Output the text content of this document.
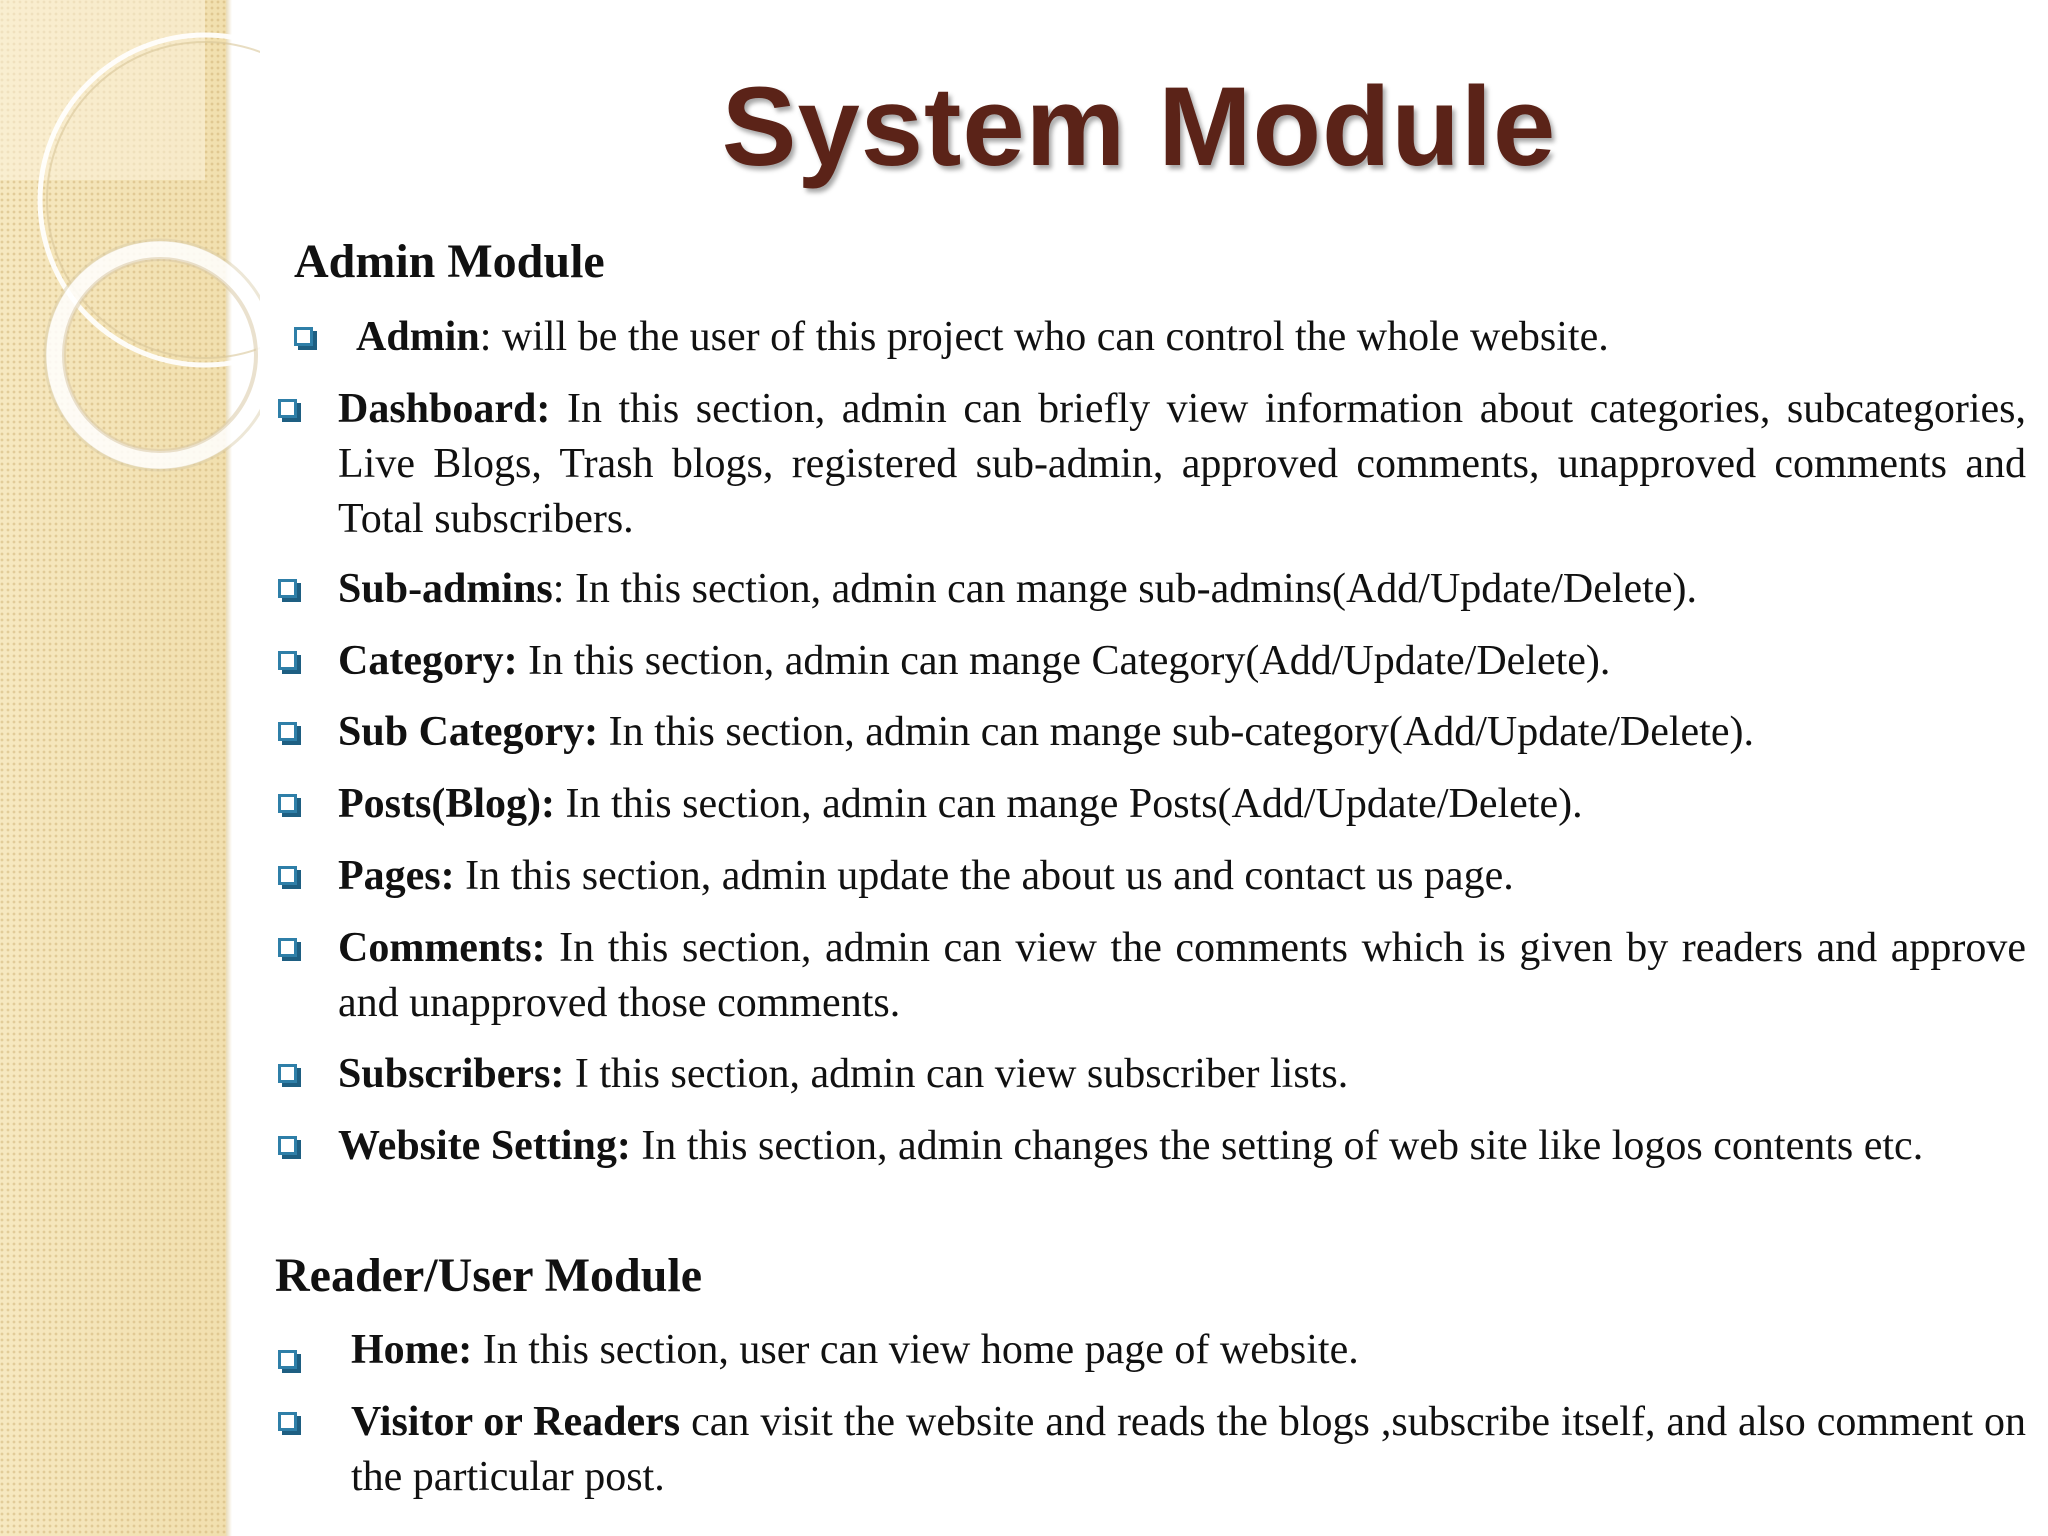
System Module
Admin Module
Admin: will be the user of this project who can control the whole website.
Dashboard: In this section, admin can briefly view information about categories, subcategories, Live Blogs, Trash blogs, registered sub-admin, approved comments, unapproved comments and Total subscribers.
Sub-admins: In this section, admin can mange sub-admins(Add/Update/Delete).
Category: In this section, admin can mange Category(Add/Update/Delete).
Sub Category: In this section, admin can mange sub-category(Add/Update/Delete).
Posts(Blog): In this section, admin can mange Posts(Add/Update/Delete).
Pages: In this section, admin update the about us and contact us page.
Comments: In this section, admin can view the comments which is given by readers and approve and unapproved those comments.
Subscribers: I this section, admin can view subscriber lists.
Website Setting: In this section, admin changes the setting of web site like logos contents etc.
Reader/User Module
Home: In this section, user can view home page of website.
Visitor or Readers can visit the website and reads the blogs ,subscribe itself, and also comment on the particular post.
